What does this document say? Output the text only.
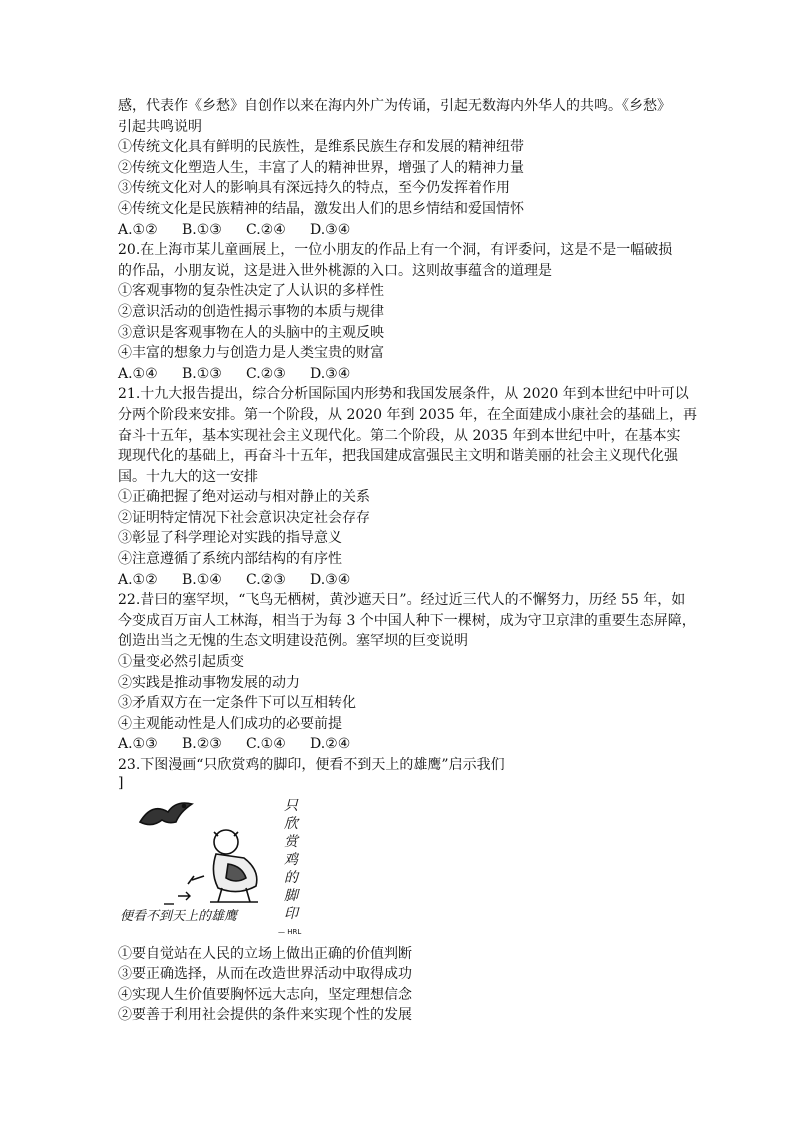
感，代表作《乡愁》自创作以来在海内外广为传诵，引起无数海内外华人的共鸣。《乡愁》
引起共鸣说明
①传统文化具有鲜明的民族性，是维系民族生存和发展的精神纽带
②传统文化塑造人生，丰富了人的精神世界，增强了人的精神力量
③传统文化对人的影响具有深远持久的特点，至今仍发挥着作用
④传统文化是民族精神的结晶，激发出人们的思乡情结和爱国情怀
A.①②	B.①③	C.②④	D.③④
20.在上海市某儿童画展上，一位小朋友的作品上有一个洞，有评委问，这是不是一幅破损
的作品，小朋友说，这是进入世外桃源的入口。这则故事蕴含的道理是
①客观事物的复杂性决定了人认识的多样性
②意识活动的创造性揭示事物的本质与规律
③意识是客观事物在人的头脑中的主观反映
④丰富的想象力与创造力是人类宝贵的财富
A.①④	B.①③	C.②③	D.③④
21.十九大报告提出，综合分析国际国内形势和我国发展条件，从 2020 年到本世纪中叶可以
分两个阶段来安排。第一个阶段，从 2020 年到 2035 年，在全面建成小康社会的基础上，再
奋斗十五年，基本实现社会主义现代化。第二个阶段，从 2035 年到本世纪中叶，在基本实
现现代化的基础上，再奋斗十五年，把我国建成富强民主文明和谐美丽的社会主义现代化强
国。十九大的这一安排
①正确把握了绝对运动与相对静止的关系
②证明特定情况下社会意识决定社会存存
③彰显了科学理论对实践的指导意义
④注意遵循了系统内部结构的有序性
A.①②	B.①④	C.②③	D.③④
22.昔曰的塞罕坝，“飞鸟无栖树，黄沙遮天日”。经过近三代人的不懈努力，历经 55 年，如
今变成百万亩人工林海，相当于为每 3 个中国人种下一棵树，成为守卫京津的重要生态屏障，
创造出当之无愧的生态文明建设范例。塞罕坝的巨变说明
①量变必然引起质变
②实践是推动事物发展的动力
③矛盾双方在一定条件下可以互相转化
④主观能动性是人们成功的必要前提
A.①③	B.②③	C.①④	D.②④
23.下图漫画“只欣赏鸡的脚印，便看不到天上的雄鹰”启示我们
]
只
欣
赏
鸡
的
脚
印
便看不到天上的雄鹰
— HRL
①要自觉站在人民的立场上做出正确的价值判断
③要正确选择，从而在改造世界活动中取得成功
④实现人生价值要胸怀远大志向，坚定理想信念
②要善于利用社会提供的条件来实现个性的发展
